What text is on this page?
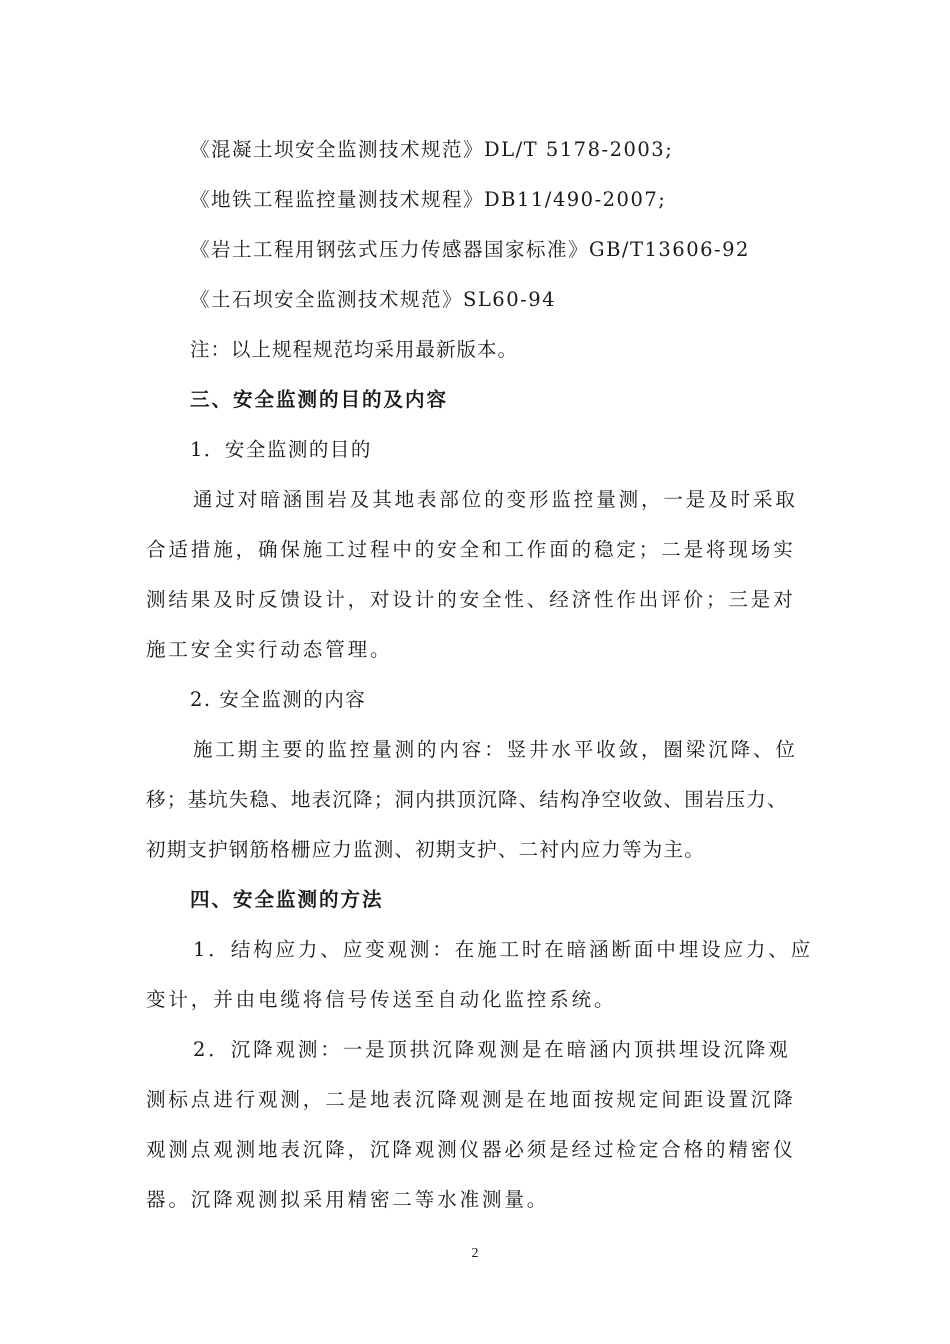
《混凝土坝安全监测技术规范》DL/T 5178-2003;
《地铁工程监控量测技术规程》DB11/490-2007;
《岩土工程用钢弦式压力传感器国家标准》GB/T13606-92
《土石坝安全监测技术规范》SL60-94
注：以上规程规范均采用最新版本。
三、安全监测的目的及内容
1．安全监测的目的
通过对暗涵围岩及其地表部位的变形监控量测，一是及时采取
合适措施，确保施工过程中的安全和工作面的稳定；二是将现场实
测结果及时反馈设计，对设计的安全性、经济性作出评价；三是对
施工安全实行动态管理。
2. 安全监测的内容
施工期主要的监控量测的内容：竖井水平收敛，圈梁沉降、位
移；基坑失稳、地表沉降；洞内拱顶沉降、结构净空收敛、围岩压力、
初期支护钢筋格栅应力监测、初期支护、二衬内应力等为主。
四、安全监测的方法
1．结构应力、应变观测：在施工时在暗涵断面中埋设应力、应
变计，并由电缆将信号传送至自动化监控系统。
2．沉降观测：一是顶拱沉降观测是在暗涵内顶拱埋设沉降观
测标点进行观测，二是地表沉降观测是在地面按规定间距设置沉降
观测点观测地表沉降，沉降观测仪器必须是经过检定合格的精密仪
器。沉降观测拟采用精密二等水准测量。
2
